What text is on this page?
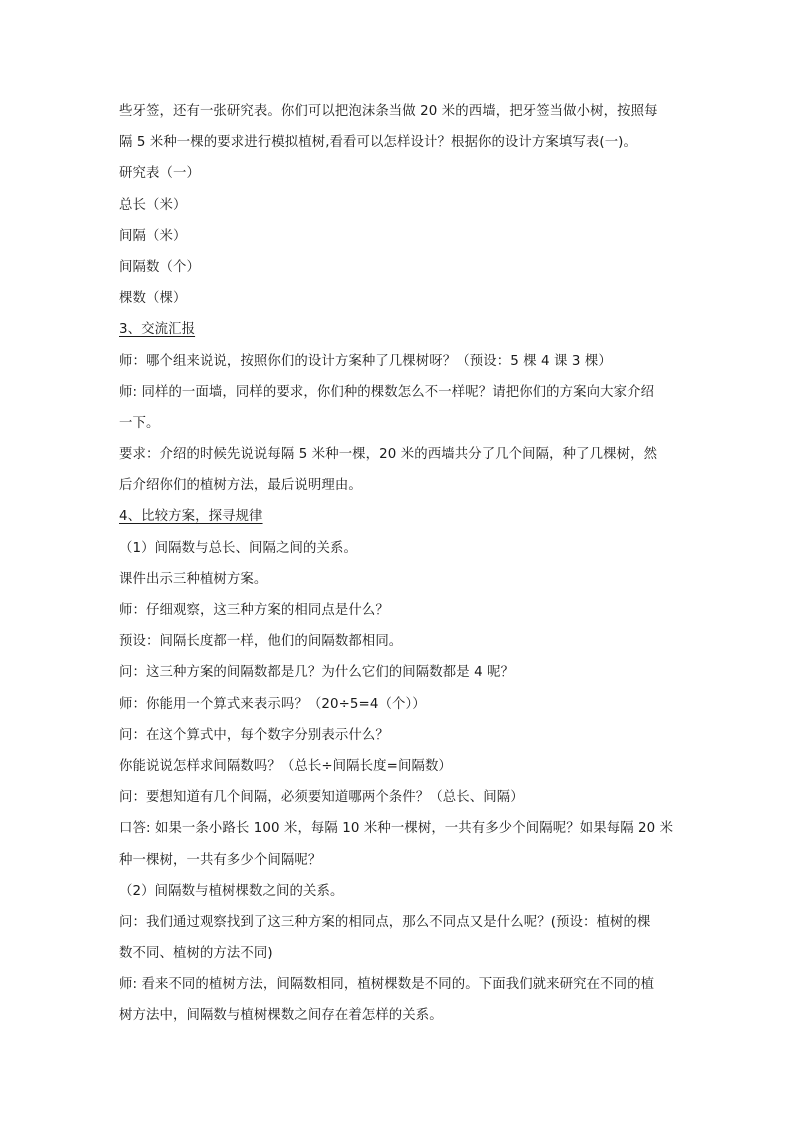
些牙签，还有一张研究表。你们可以把泡沫条当做 20 米的西墙，把牙签当做小树，按照每
隔 5 米种一棵的要求进行模拟植树,看看可以怎样设计？根据你的设计方案填写表(一)。
研究表（一）
总长（米）
间隔（米）
间隔数（个）
棵数（棵）
3、交流汇报
师：哪个组来说说，按照你们的设计方案种了几棵树呀？（预设：5 棵 4 课 3 棵）
师: 同样的一面墙，同样的要求，你们种的棵数怎么不一样呢？请把你们的方案向大家介绍
一下。
要求：介绍的时候先说说每隔 5 米种一棵，20 米的西墙共分了几个间隔，种了几棵树，然
后介绍你们的植树方法，最后说明理由。
4、比较方案，探寻规律
（1）间隔数与总长、间隔之间的关系。
课件出示三种植树方案。
师：仔细观察，这三种方案的相同点是什么？
预设：间隔长度都一样，他们的间隔数都相同。
问：这三种方案的间隔数都是几？为什么它们的间隔数都是 4 呢？
师：你能用一个算式来表示吗？（20÷5=4（个））
问：在这个算式中，每个数字分别表示什么？
你能说说怎样求间隔数吗？（总长÷间隔长度=间隔数）
问：要想知道有几个间隔，必须要知道哪两个条件？（总长、间隔）
口答: 如果一条小路长 100 米，每隔 10 米种一棵树，一共有多少个间隔呢？如果每隔 20 米
种一棵树，一共有多少个间隔呢？
（2）间隔数与植树棵数之间的关系。
问：我们通过观察找到了这三种方案的相同点，那么不同点又是什么呢？(预设：植树的棵
数不同、植树的方法不同)
师: 看来不同的植树方法，间隔数相同，植树棵数是不同的。下面我们就来研究在不同的植
树方法中，间隔数与植树棵数之间存在着怎样的关系。
